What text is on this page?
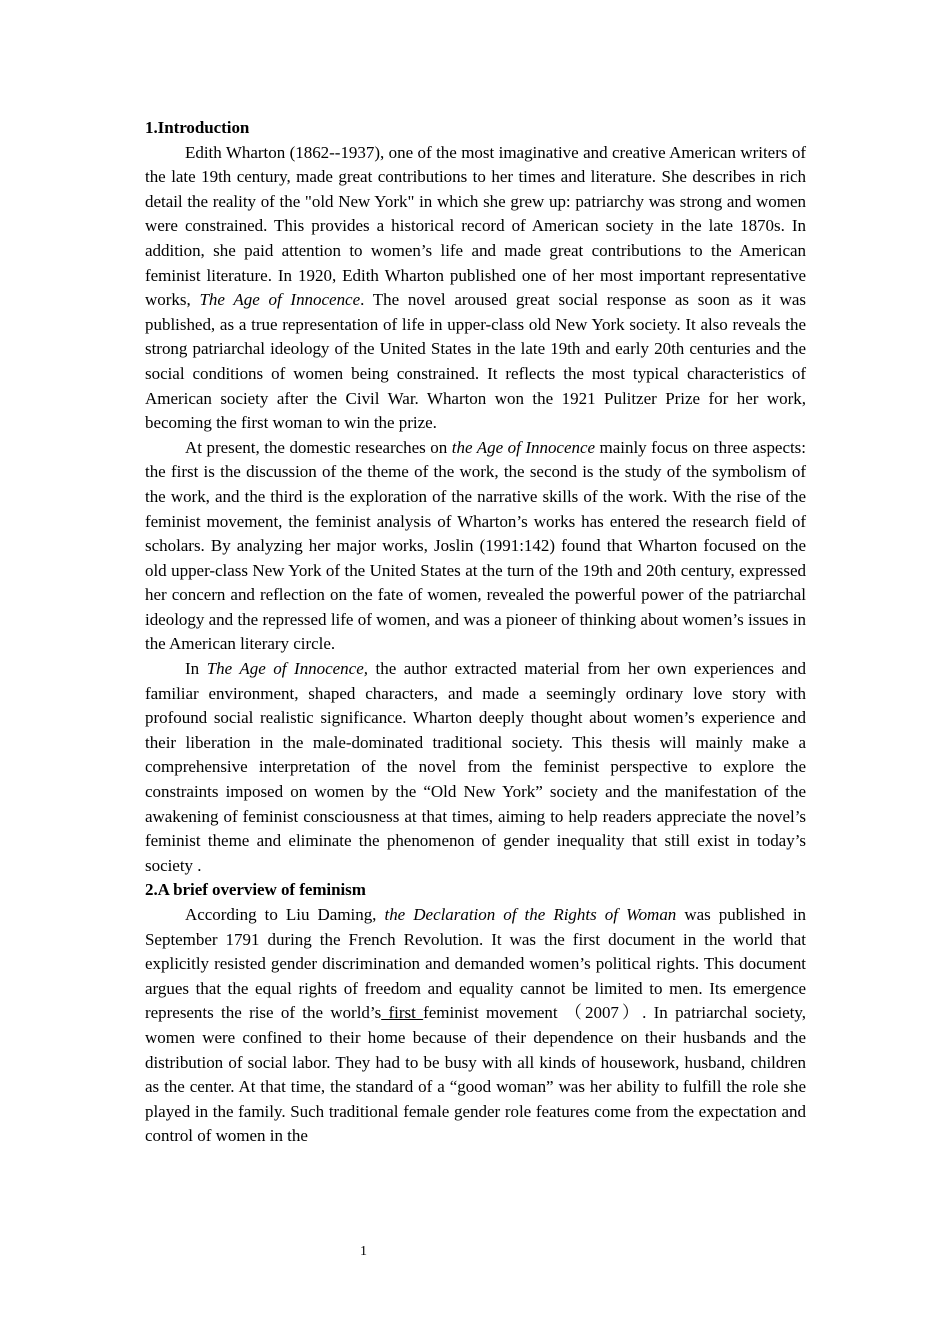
1.Introduction

Edith Wharton (1862--1937), one of the most imaginative and creative American writers of the late 19th century, made great contributions to her times and literature. She describes in rich detail the reality of the "old New York" in which she grew up: patriarchy was strong and women were constrained. This provides a historical record of American society in the late 1870s. In addition, she paid attention to women’s life and made great contributions to the American feminist literature. In 1920, Edith Wharton published one of her most important representative works, The Age of Innocence. The novel aroused great social response as soon as it was published, as a true representation of life in upper-class old New York society. It also reveals the strong patriarchal ideology of the United States in the late 19th and early 20th centuries and the social conditions of women being constrained. It reflects the most typical characteristics of American society after the Civil War. Wharton won the 1921 Pulitzer Prize for her work, becoming the first woman to win the prize.

At present, the domestic researches on the Age of Innocence mainly focus on three aspects: the first is the discussion of the theme of the work, the second is the study of the symbolism of the work, and the third is the exploration of the narrative skills of the work. With the rise of the feminist movement, the feminist analysis of Wharton’s works has entered the research field of scholars. By analyzing her major works, Joslin (1991:142) found that Wharton focused on the old upper-class New York of the United States at the turn of the 19th and 20th century, expressed her concern and reflection on the fate of women, revealed the powerful power of the patriarchal ideology and the repressed life of women, and was a pioneer of thinking about women’s issues in the American literary circle.

In The Age of Innocence, the author extracted material from her own experiences and familiar environment, shaped characters, and made a seemingly ordinary love story with profound social realistic significance. Wharton deeply thought about women’s experience and their liberation in the male-dominated traditional society. This thesis will mainly make a comprehensive interpretation of the novel from the feminist perspective to explore the constraints imposed on women by the “Old New York” society and the manifestation of the awakening of feminist consciousness at that times, aiming to help readers appreciate the novel’s feminist theme and eliminate the phenomenon of gender inequality that still exist in today’s society .

2.A brief overview of feminism

According to Liu Daming, the Declaration of the Rights of Woman was published in September 1791 during the French Revolution. It was the first document in the world that explicitly resisted gender discrimination and demanded women’s political rights. This document argues that the equal rights of freedom and equality cannot be limited to men. Its emergence represents the rise of the world’s first feminist movement （2007）. In patriarchal society, women were confined to their home because of their dependence on their husbands and the distribution of social labor. They had to be busy with all kinds of housework, husband, children as the center. At that time, the standard of a “good woman” was her ability to fulfill the role she played in the family. Such traditional female gender role features come from the expectation and control of women in the

1
